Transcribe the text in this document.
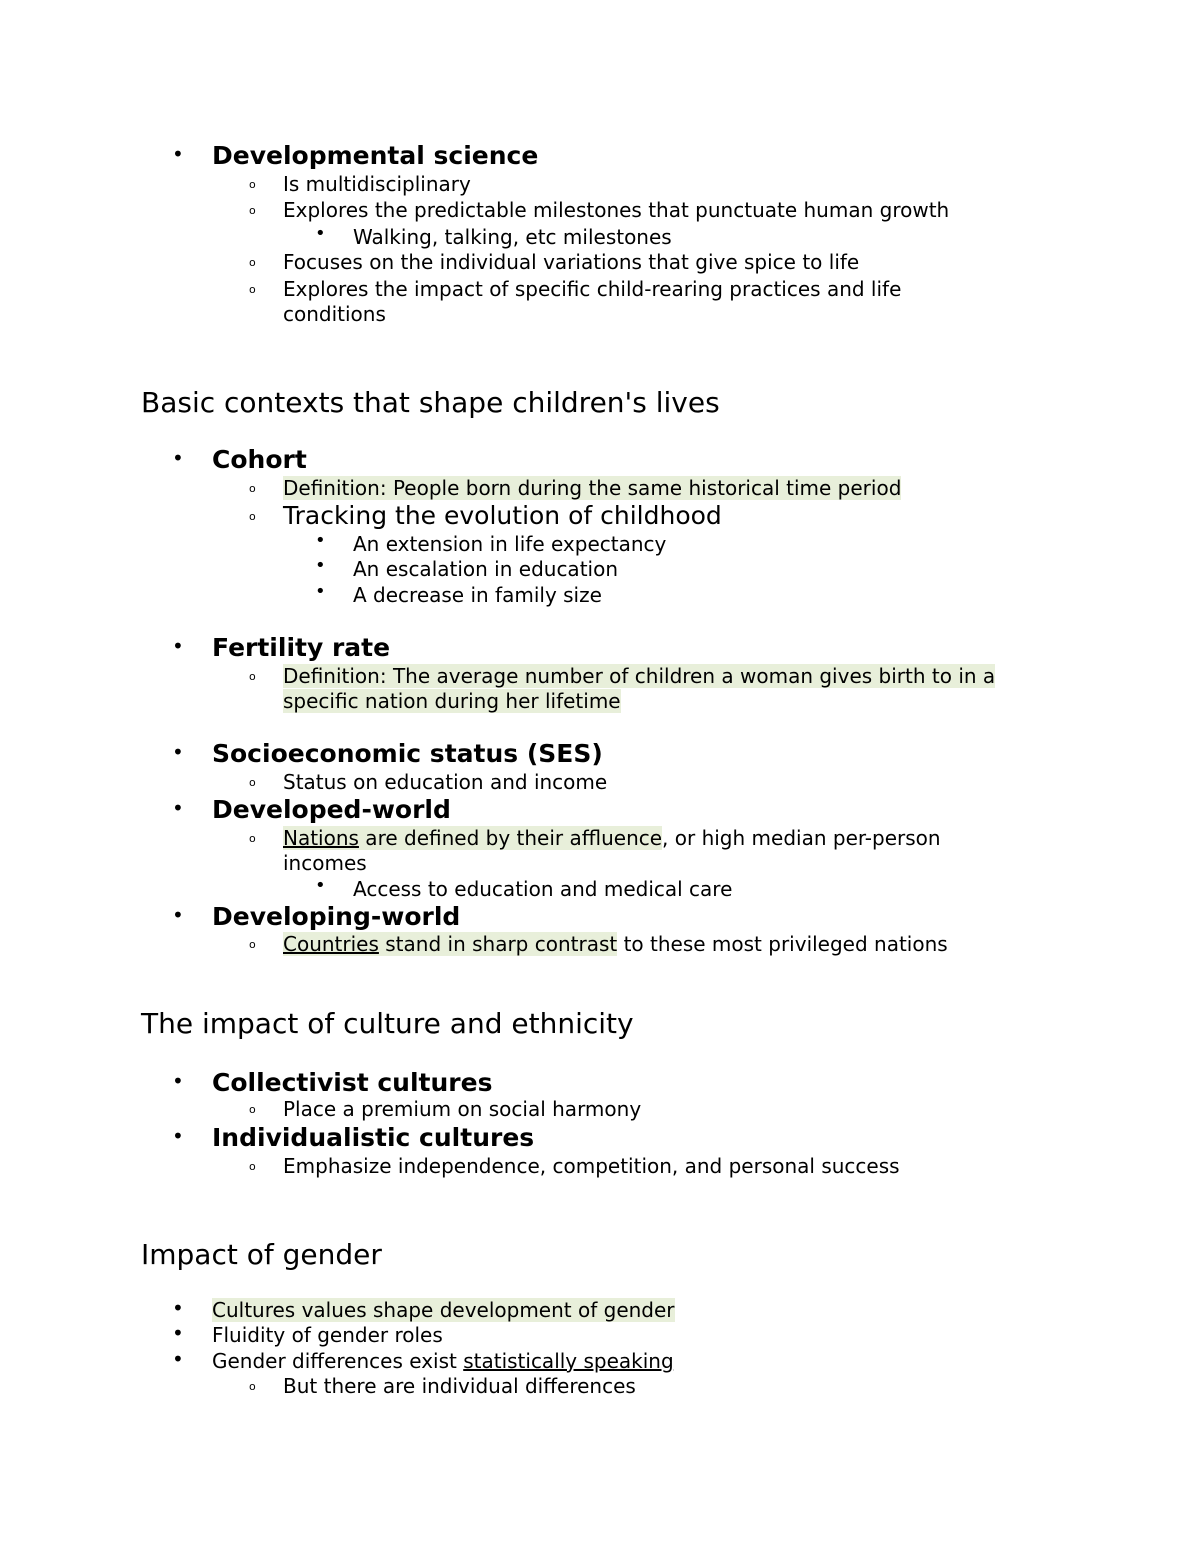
• Developmental science
o Is multidisciplinary
o Explores the predictable milestones that punctuate human growth
• Walking, talking, etc milestones
o Focuses on the individual variations that give spice to life
o Explores the impact of specific child-rearing practices and life
conditions
Basic contexts that shape children's lives
• Cohort
o Definition: People born during the same historical time period
o Tracking the evolution of childhood
• An extension in life expectancy
• An escalation in education
• A decrease in family size
• Fertility rate
o Definition: The average number of children a woman gives birth to in a
specific nation during her lifetime
• Socioeconomic status (SES)
o Status on education and income
• Developed-world
o Nations are defined by their affluence, or high median per-person
incomes
• Access to education and medical care
• Developing-world
o Countries stand in sharp contrast to these most privileged nations
The impact of culture and ethnicity
• Collectivist cultures
o Place a premium on social harmony
• Individualistic cultures
o Emphasize independence, competition, and personal success
Impact of gender
• Cultures values shape development of gender
• Fluidity of gender roles
• Gender differences exist statistically speaking
o But there are individual differences
